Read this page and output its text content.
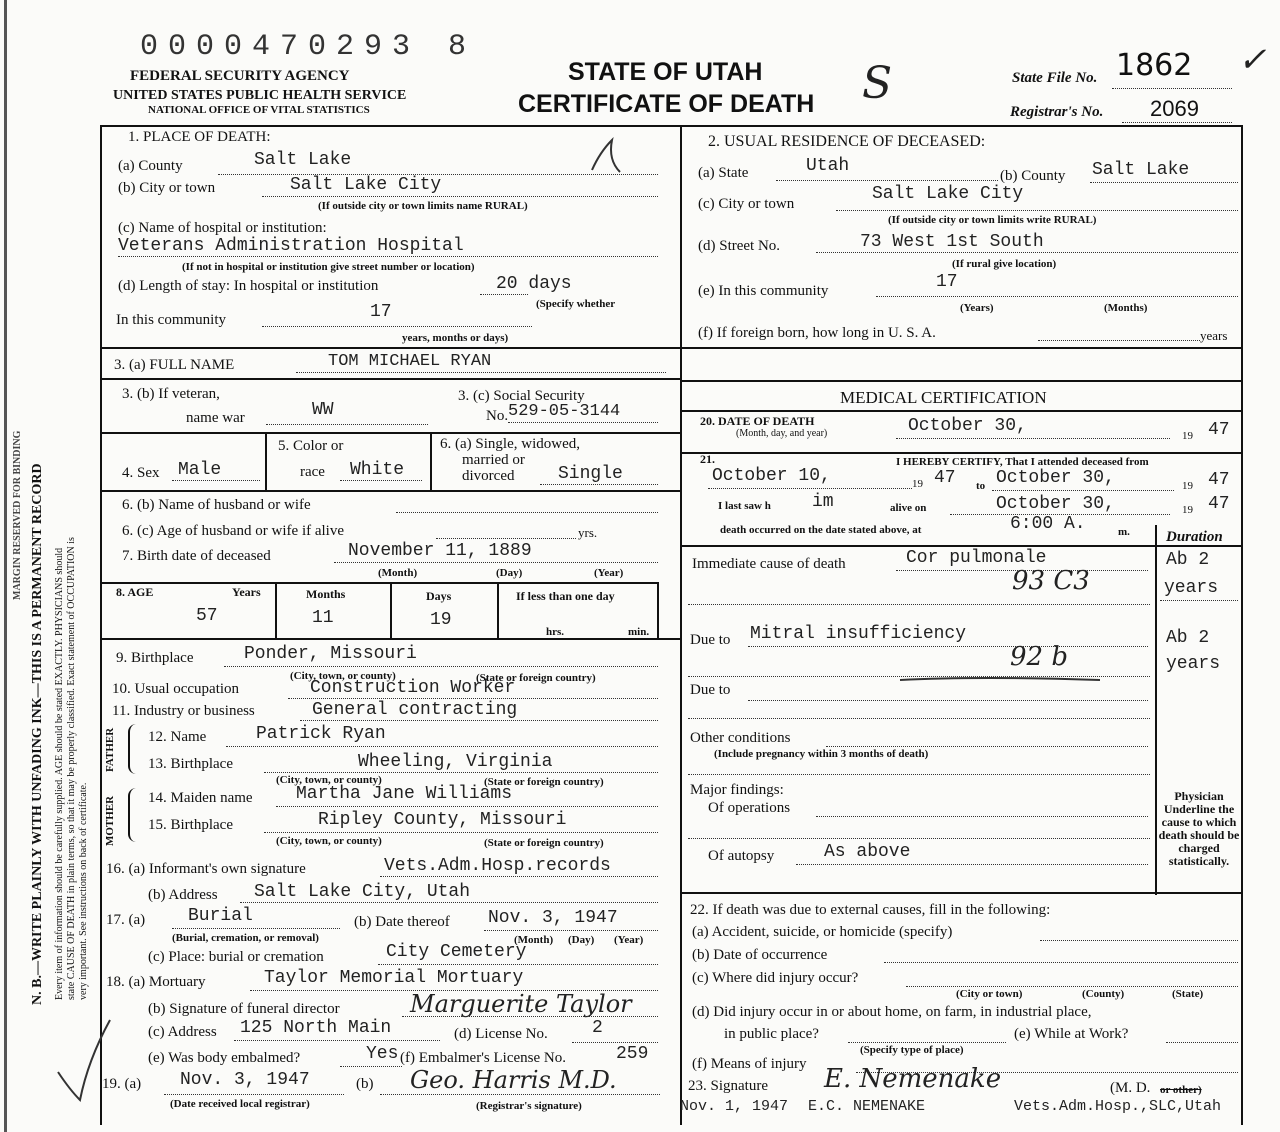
MARGIN RESERVED FOR BINDING N. B.—WRITE PLAINLY WITH UNFADING INK—THIS IS A PERMANENT RECORD Every item of information should be carefully supplied. AGE should be stated EXACTLY. PHYSICIANS should state CAUSE OF DEATH in plain terms, so that it may be properly classified. Exact statement of OCCUPATION is very important. See instructions on back of certificate.
0000470293 8
FEDERAL SECURITY AGENCY
UNITED STATES PUBLIC HEALTH SERVICE
NATIONAL OFFICE OF VITAL STATISTICS
STATE OF UTAH
CERTIFICATE OF DEATH S	State File No. 1862 ✓
Registrar's No. 2069
1. PLACE OF DEATH:
(a) County	Salt Lake
(b) City or town	Salt Lake City
(If outside city or town limits name RURAL)
(c) Name of hospital or institution:
Veterans Administration Hospital
(If not in hospital or institution give street number or location)
(d) Length of stay: In hospital or institution	20 days
(Specify whether
In this community	17
years, months or days)
2. USUAL RESIDENCE OF DECEASED:
(a) State	Utah	(b) County Salt Lake
(c) City or town	Salt Lake City
(If outside city or town limits write RURAL)
(d) Street No.	73 West 1st South
(If rural give location)
(e) In this community	17
(Years)	(Months)
(f) If foreign born, how long in U. S. A.	years
3. (a) FULL NAME	TOM MICHAEL RYAN
3. (b) If veteran,
name war	WW
3. (c) Social Security
No. 529-05-3144
4. Sex Male
5. Color or
race White
6. (a) Single, widowed,
married or
divorced Single
6. (b) Name of husband or wife
6. (c) Age of husband or wife if alive	yrs.
7. Birth date of deceased	November 11, 1889
(Month)	(Day)	(Year)
8. AGE	Years	Months	Days	If less than one day
57	11	19
hrs.	min.
9. Birthplace	Ponder, Missouri
(City, town, or county)	(State or foreign country)
10. Usual occupation	Construction Worker
11. Industry or business	General contracting
FATHER
MOTHER
12. Name	Patrick Ryan
13. Birthplace	Wheeling, Virginia
(City, town, or county)	(State or foreign country)
14. Maiden name Martha Jane Williams
15. Birthplace	Ripley County, Missouri
(City, town, or county)	(State or foreign country)
16. (a) Informant's own signature	Vets.Adm.Hosp.records
(b) Address Salt Lake City, Utah
17. (a) Burial
(Burial, cremation, or removal)
(b) Date thereof Nov. 3, 1947
(Month) (Day) (Year)
(c) Place: burial or cremation	City Cemetery
18. (a) Mortuary	Taylor Memorial Mortuary
(b) Signature of funeral director	Marguerite Taylor
(c) Address 125 North Main	(d) License No. 2
(e) Was body embalmed?	Yes (f) Embalmer's License No.	259
19. (a) Nov. 3, 1947
(Date received local registrar)
(b) Geo. Harris M.D.
(Registrar's signature)
MEDICAL CERTIFICATION
20. DATE OF DEATH
(Month, day, and year)	October 30,	19 47
21.	I HEREBY CERTIFY, That I attended deceased from
October 10,	19 47 to October 30,	19 47
I last saw h im	alive on	October 30,	19 47
death occurred on the date stated above, at	6:00 A.	m. Duration
Immediate cause of death	Cor pulmonale
93 C3
Ab 2
years
Due to Mitral insufficiency
92 b
Ab 2
years
Due to
Other conditions
(Include pregnancy within 3 months of death)
Major findings:
Of operations
Of autopsy	As above
Physician Underline the cause to which death should be charged statistically.
22. If death was due to external causes, fill in the following:
(a) Accident, suicide, or homicide (specify)
(b) Date of occurrence
(c) Where did injury occur?
(City or town)	(County)	(State)
(d) Did injury occur in or about home, on farm, in industrial place,
in public place?	(e) While at Work?
(Specify type of place)
(f) Means of injury
23. Signature E. Nemenake	(M. D. or other)
Nov. 1, 1947 E.C. NEMENAKE	Vets.Adm.Hosp.,SLC,Utah
